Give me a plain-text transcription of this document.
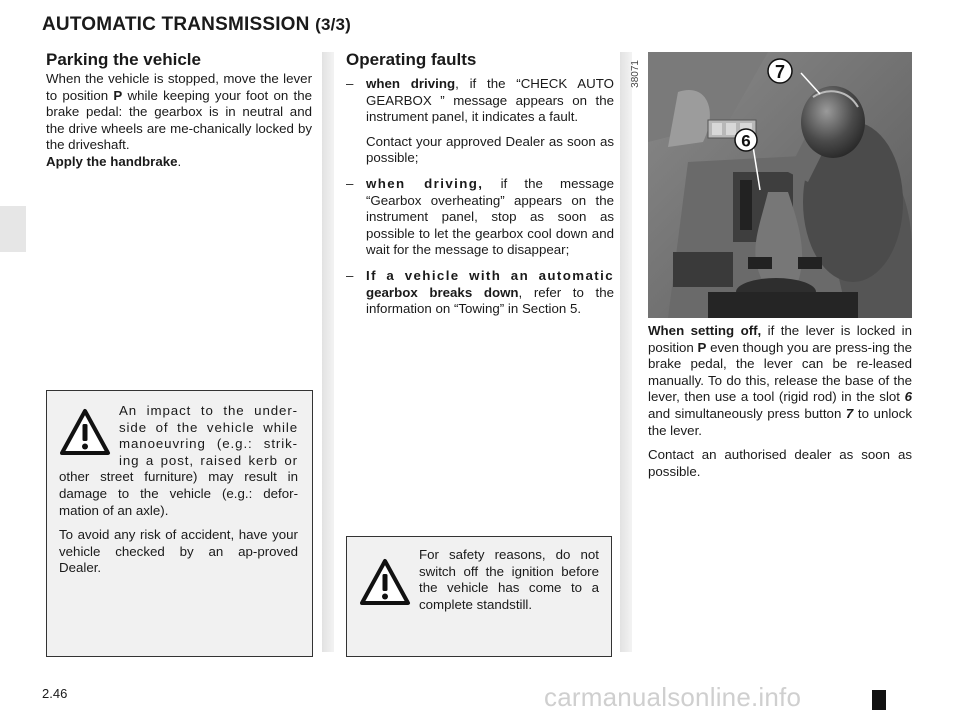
AUTOMATIC TRANSMISSION (3/3)
Parking the vehicle

When the vehicle is stopped, move the lever to position P while keeping your foot on the brake pedal: the gearbox is in neutral and the drive wheels are me-chanically locked by the driveshaft.
Apply the handbrake.

An impact to the under-side of the vehicle while manoeuvring (e.g.: strik-ing a post, raised kerb or other street furniture) may result in damage to the vehicle (e.g.: defor-mation of an axle).

To avoid any risk of accident, have your vehicle checked by an ap-proved Dealer.

Operating faults
– when driving, if the “CHECK AUTO GEARBOX ” message appears on the instrument panel, it indicates a fault.

Contact your approved Dealer as soon as possible;

– when driving, if the message “Gearbox overheating” appears on the instrument panel, stop as soon as possible to let the gearbox cool down and wait for the message to disappear;

– If a vehicle with an automatic gearbox breaks down, refer to the information on “Towing” in Section 5.

For safety reasons, do not switch off the ignition before the vehicle has come to a complete standstill.

38071	7
6

When setting off, if the lever is locked in position P even though you are press-ing the brake pedal, the lever can be re-leased manually. To do this, release the base of the lever, then use a tool (rigid rod) in the slot 6 and simultaneously press button 7 to unlock the lever.

Contact an authorised dealer as soon as possible.

2.46	carmanualsonline.info
